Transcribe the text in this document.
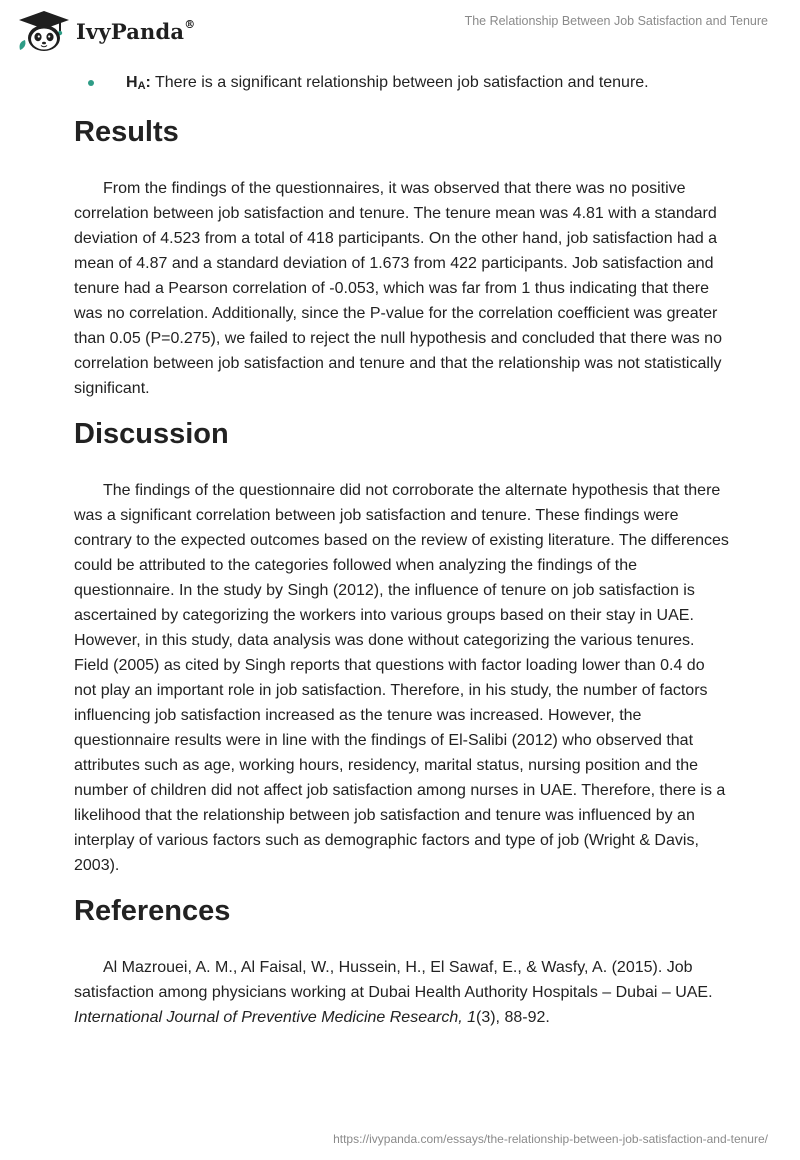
IvyPanda®	The Relationship Between Job Satisfaction and Tenure

$H_A$: There is a significant relationship between job satisfaction and tenure.

Results

From the findings of the questionnaires, it was observed that there was no positive correlation between job satisfaction and tenure. The tenure mean was 4.81 with a standard deviation of 4.523 from a total of 418 participants. On the other hand, job satisfaction had a mean of 4.87 and a standard deviation of 1.673 from 422 participants. Job satisfaction and tenure had a Pearson correlation of -0.053, which was far from 1 thus indicating that there was no correlation. Additionally, since the P-value for the correlation coefficient was greater than 0.05 (P=0.275), we failed to reject the null hypothesis and concluded that there was no correlation between job satisfaction and tenure and that the relationship was not statistically significant.

Discussion

The findings of the questionnaire did not corroborate the alternate hypothesis that there was a significant correlation between job satisfaction and tenure. These findings were contrary to the expected outcomes based on the review of existing literature. The differences could be attributed to the categories followed when analyzing the findings of the questionnaire. In the study by Singh (2012), the influence of tenure on job satisfaction is ascertained by categorizing the workers into various groups based on their stay in UAE. However, in this study, data analysis was done without categorizing the various tenures. Field (2005) as cited by Singh reports that questions with factor loading lower than 0.4 do not play an important role in job satisfaction. Therefore, in his study, the number of factors influencing job satisfaction increased as the tenure was increased. However, the questionnaire results were in line with the findings of El-Salibi (2012) who observed that attributes such as age, working hours, residency, marital status, nursing position and the number of children did not affect job satisfaction among nurses in UAE. Therefore, there is a likelihood that the relationship between job satisfaction and tenure was influenced by an interplay of various factors such as demographic factors and type of job (Wright & Davis, 2003).

References

Al Mazrouei, A. M., Al Faisal, W., Hussein, H., El Sawaf, E., & Wasfy, A. (2015). Job satisfaction among physicians working at Dubai Health Authority Hospitals – Dubai – UAE. International Journal of Preventive Medicine Research, 1(3), 88-92.

https://ivypanda.com/essays/the-relationship-between-job-satisfaction-and-tenure/
